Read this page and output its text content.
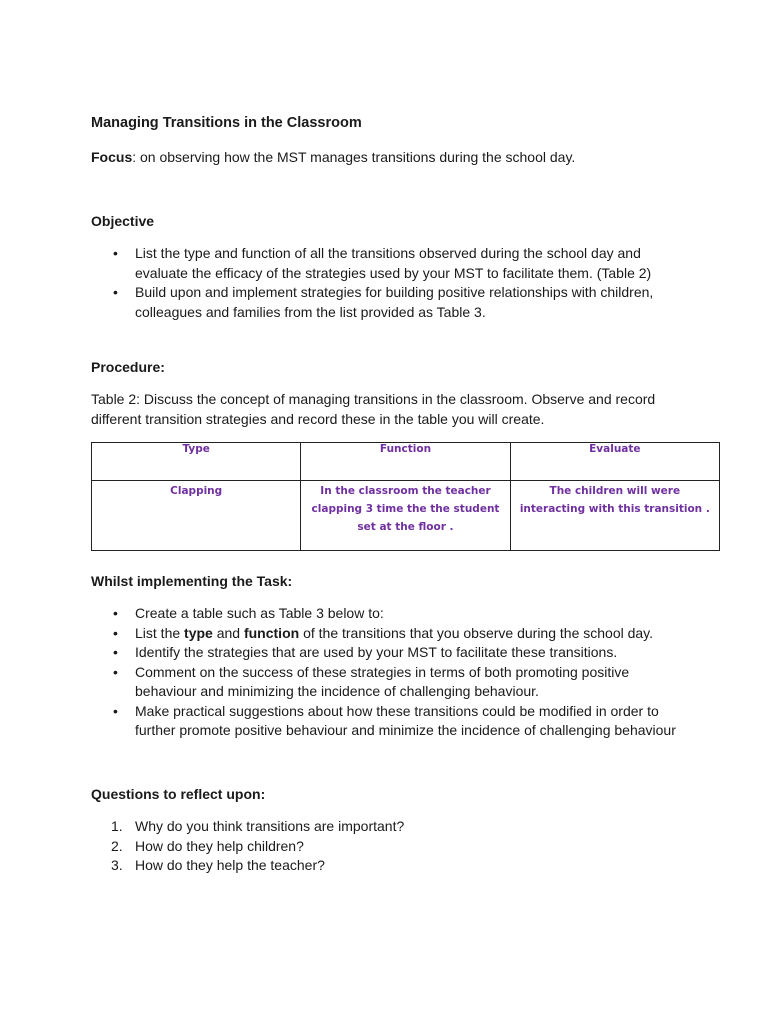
Managing Transitions in the Classroom

Focus: on observing how the MST manages transitions during the school day.

Objective
• List the type and function of all the transitions observed during the school day and evaluate the efficacy of the strategies used by your MST to facilitate them. (Table 2)
• Build upon and implement strategies for building positive relationships with children, colleagues and families from the list provided as Table 3.
Procedure:

Table 2: Discuss the concept of managing transitions in the classroom. Observe and record different transition strategies and record these in the table you will create.

Type	Function	Evaluate
Clapping	In the classroom the teacher clapping 3 time the the student set at the floor .	The children will were interacting with this transition .
Whilst implementing the Task:
• Create a table such as Table 3 below to:
• List the type and function of the transitions that you observe during the school day.
• Identify the strategies that are used by your MST to facilitate these transitions.
• Comment on the success of these strategies in terms of both promoting positive behaviour and minimizing the incidence of challenging behaviour.
• Make practical suggestions about how these transitions could be modified in order to further promote positive behaviour and minimize the incidence of challenging behaviour
Questions to reflect upon:
1. Why do you think transitions are important?
2. How do they help children?
3. How do they help the teacher?
